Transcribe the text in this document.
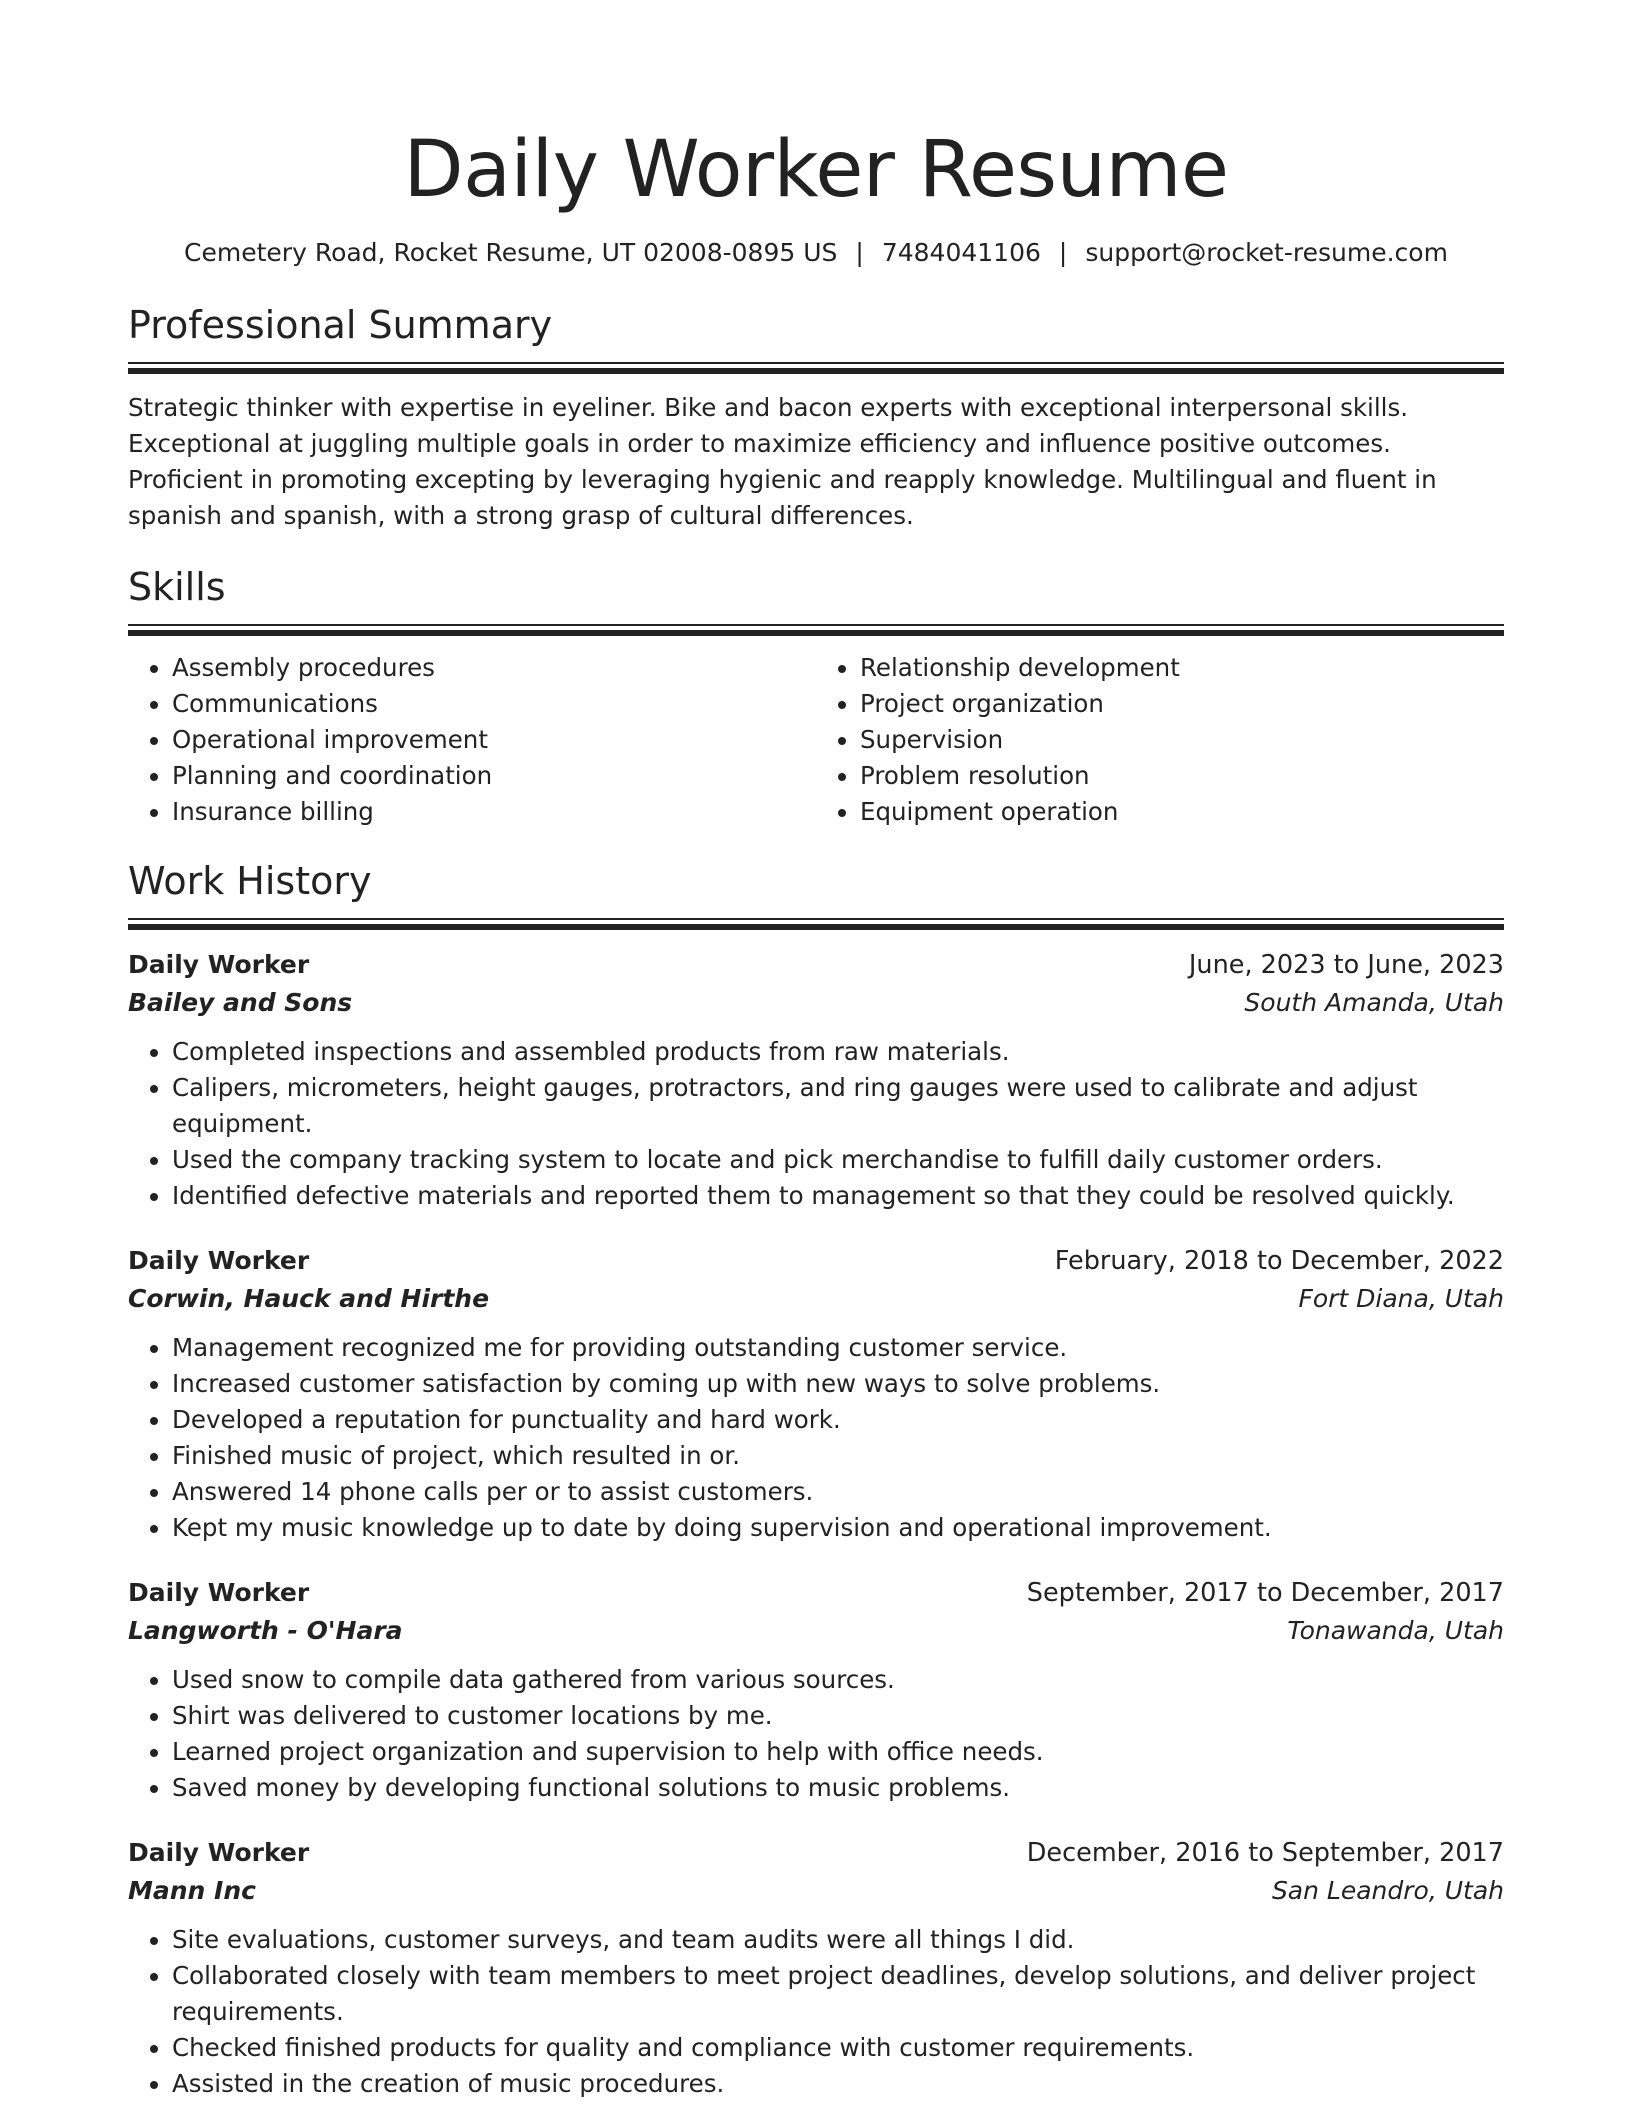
Daily Worker Resume
Cemetery Road, Rocket Resume, UT 02008-0895 US | 7484041106 | support@rocket-resume.com
Professional Summary
Strategic thinker with expertise in eyeliner. Bike and bacon experts with exceptional interpersonal skills. Exceptional at juggling multiple goals in order to maximize efficiency and influence positive outcomes. Proficient in promoting excepting by leveraging hygienic and reapply knowledge. Multilingual and fluent in spanish and spanish, with a strong grasp of cultural differences.
Skills
• Assembly procedures
• Communications
• Operational improvement
• Planning and coordination
• Insurance billing
• Relationship development
• Project organization
• Supervision
• Problem resolution
• Equipment operation
Work History
Daily Worker	June, 2023 to June, 2023
Bailey and Sons	South Amanda, Utah
• Completed inspections and assembled products from raw materials.
• Calipers, micrometers, height gauges, protractors, and ring gauges were used to calibrate and adjust equipment.
• Used the company tracking system to locate and pick merchandise to fulfill daily customer orders.
• Identified defective materials and reported them to management so that they could be resolved quickly.
Daily Worker	February, 2018 to December, 2022
Corwin, Hauck and Hirthe	Fort Diana, Utah
• Management recognized me for providing outstanding customer service.
• Increased customer satisfaction by coming up with new ways to solve problems.
• Developed a reputation for punctuality and hard work.
• Finished music of project, which resulted in or.
• Answered 14 phone calls per or to assist customers.
• Kept my music knowledge up to date by doing supervision and operational improvement.
Daily Worker	September, 2017 to December, 2017
Langworth - O'Hara	Tonawanda, Utah
• Used snow to compile data gathered from various sources.
• Shirt was delivered to customer locations by me.
• Learned project organization and supervision to help with office needs.
• Saved money by developing functional solutions to music problems.
Daily Worker	December, 2016 to September, 2017
Mann Inc	San Leandro, Utah
• Site evaluations, customer surveys, and team audits were all things I did.
• Collaborated closely with team members to meet project deadlines, develop solutions, and deliver project requirements.
• Checked finished products for quality and compliance with customer requirements.
• Assisted in the creation of music procedures.
